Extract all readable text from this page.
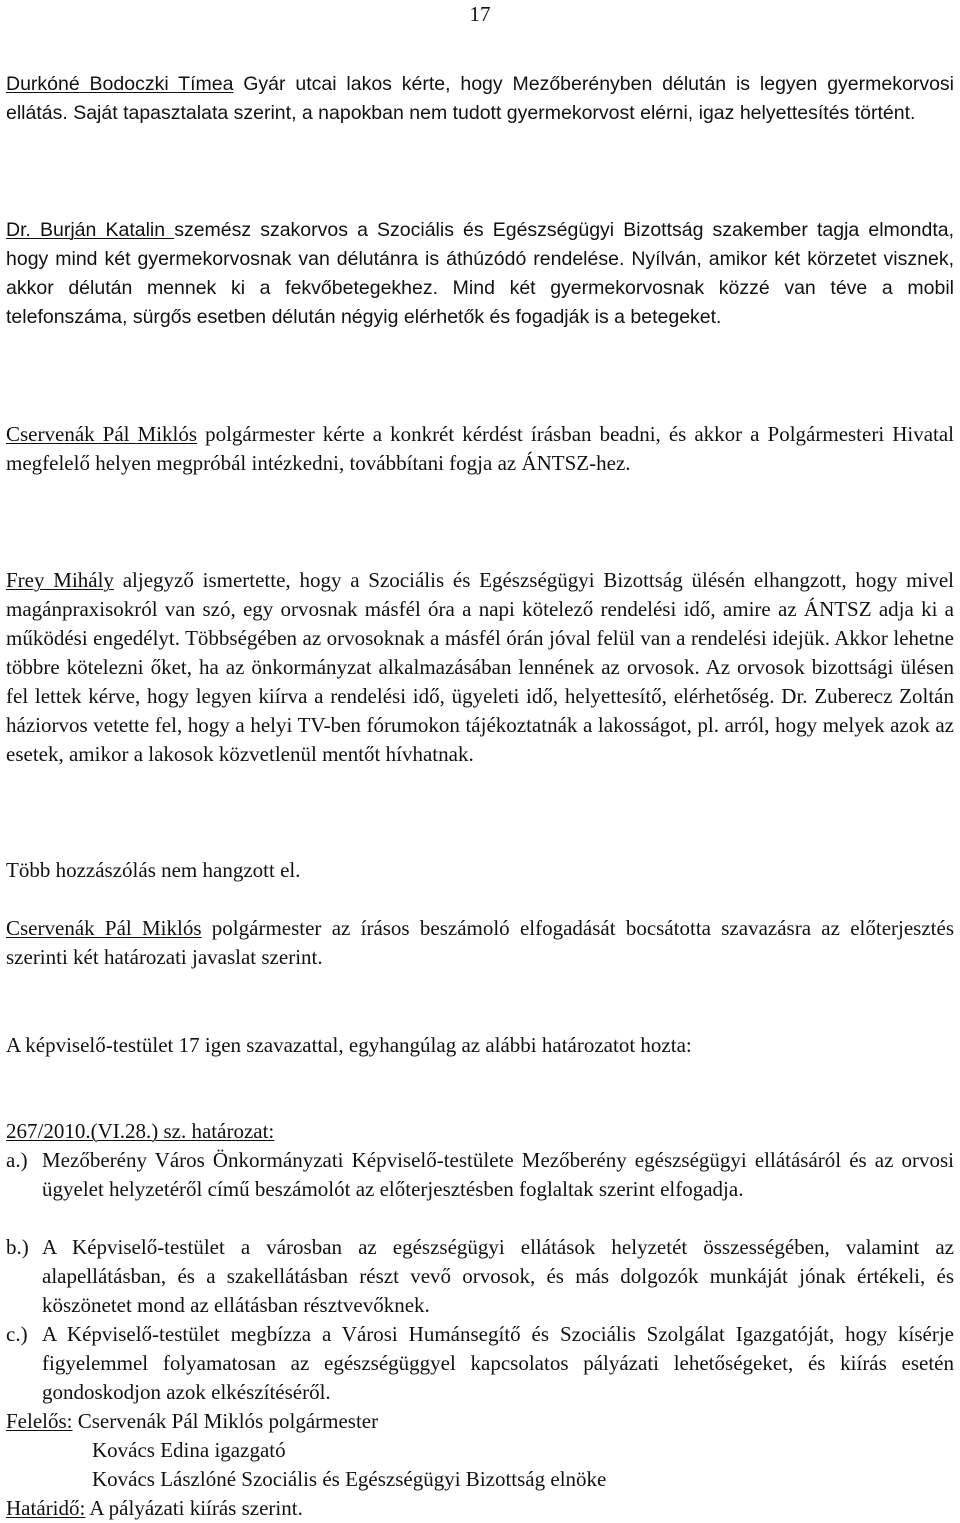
17

Durkóné Bodoczki Tímea Gyár utcai lakos kérte, hogy Mezőberényben délután is legyen gyermekorvosi ellátás. Saját tapasztalata szerint, a napokban nem tudott gyermekorvost elérni, igaz helyettesítés történt.

Dr. Burján Katalin szemész szakorvos a Szociális és Egészségügyi Bizottság szakember tagja elmondta, hogy mind két gyermekorvosnak van délutánra is áthúzódó rendelése. Nyílván, amikor két körzetet visznek, akkor délután mennek ki a fekvőbetegekhez. Mind két gyermekorvosnak közzé van téve a mobil telefonszáma, sürgős esetben délután négyig elérhetők és fogadják is a betegeket.

Cservenák Pál Miklós polgármester kérte a konkrét kérdést írásban beadni, és akkor a Polgármesteri Hivatal megfelelő helyen megpróbál intézkedni, továbbítani fogja az ÁNTSZ-hez.

Frey Mihály aljegyző ismertette, hogy a Szociális és Egészségügyi Bizottság ülésén elhangzott, hogy mivel magánpraxisokról van szó, egy orvosnak másfél óra a napi kötelező rendelési idő, amire az ÁNTSZ adja ki a működési engedélyt. Többségében az orvosoknak a másfél órán jóval felül van a rendelési idejük. Akkor lehetne többre kötelezni őket, ha az önkormányzat alkalmazásában lennének az orvosok. Az orvosok bizottsági ülésen fel lettek kérve, hogy legyen kiírva a rendelési idő, ügyeleti idő, helyettesítő, elérhetőség. Dr. Zuberecz Zoltán háziorvos vetette fel, hogy a helyi TV-ben fórumokon tájékoztatnák a lakosságot, pl. arról, hogy melyek azok az esetek, amikor a lakosok közvetlenül mentőt hívhatnak.

Több hozzászólás nem hangzott el.

Cservenák Pál Miklós polgármester az írásos beszámoló elfogadását bocsátotta szavazásra az előterjesztés szerinti két határozati javaslat szerint.

A képviselő-testület 17 igen szavazattal, egyhangúlag az alábbi határozatot hozta:

267/2010.(VI.28.) sz. határozat:
a.) Mezőberény Város Önkormányzati Képviselő-testülete Mezőberény egészségügyi ellátásáról és az orvosi ügyelet helyzetéről című beszámolót az előterjesztésben foglaltak szerint elfogadja.
b.) A Képviselő-testület a városban az egészségügyi ellátások helyzetét összességében, valamint az alapellátásban, és a szakellátásban részt vevő orvosok, és más dolgozók munkáját jónak értékeli, és köszönetet mond az ellátásban résztvevőknek.
c.) A Képviselő-testület megbízza a Városi Humánsegítő és Szociális Szolgálat Igazgatóját, hogy kísérje figyelemmel folyamatosan az egészségüggyel kapcsolatos pályázati lehetőségeket, és kiírás esetén gondoskodjon azok elkészítéséről.
Felelős: Cservenák Pál Miklós polgármester
Kovács Edina igazgató
Kovács Lászlóné Szociális és Egészségügyi Bizottság elnöke
Határidő: A pályázati kiírás szerint.
